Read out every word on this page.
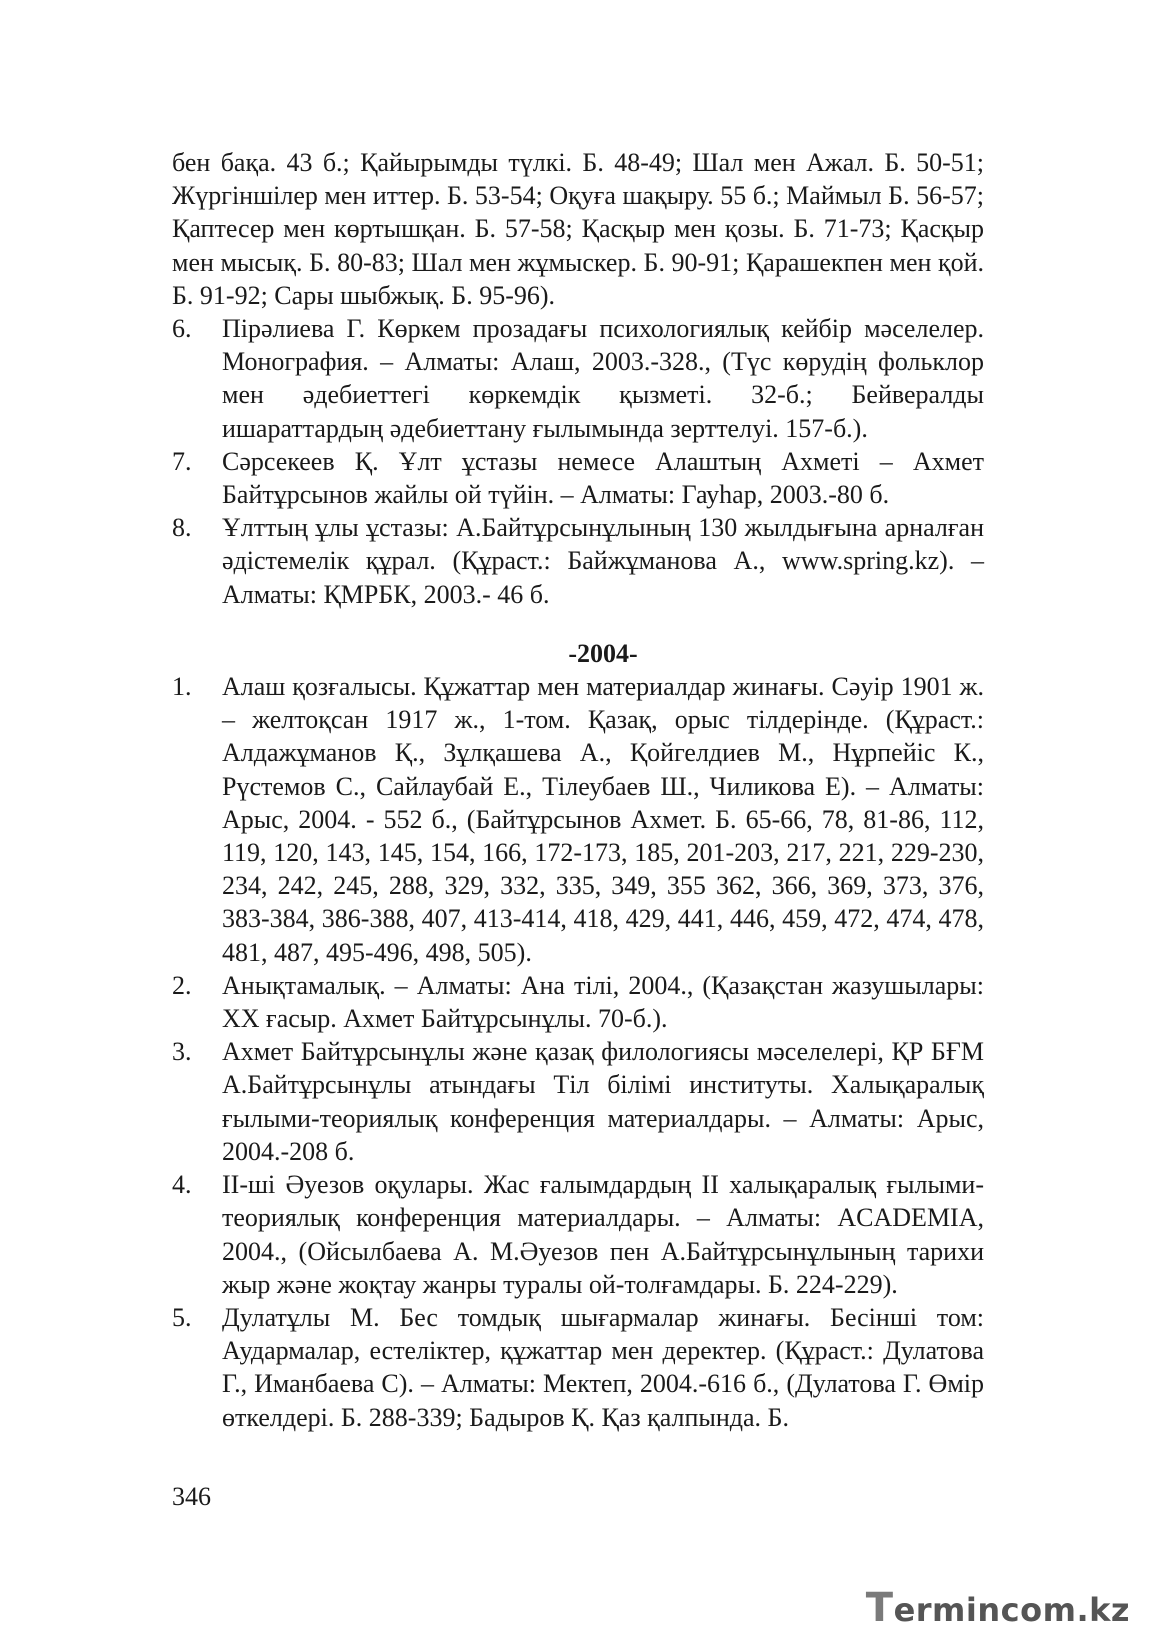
бен бақа. 43 б.; Қайырымды түлкі. Б. 48-49; Шал мен Ажал. Б. 50-51; Жүргіншілер мен иттер. Б. 53-54; Оқуға шақыру. 55 б.; Маймыл Б. 56-57; Қаптесер мен көртышқан. Б. 57-58; Қасқыр мен қозы. Б. 71-73; Қасқыр мен мысық. Б. 80-83; Шал мен жұмыскер. Б. 90-91; Қарашекпен мен қой. Б. 91-92; Сары шыбжық. Б. 95-96).

6. Пірәлиева Г. Көркем прозадағы психологиялық кейбір мәселелер. Монография. – Алматы: Алаш, 2003.-328., (Түс көрудің фольклор мен әдебиеттегі көркемдік қызметі. 32-б.; Бейвералды ишараттардың әдебиеттану ғылымында зерттелуі. 157-б.).
7. Сәрсекеев Қ. Ұлт ұстазы немесе Алаштың Ахметі – Ахмет Байтұрсынов жайлы ой түйін. – Алматы: Гауһар, 2003.-80 б.
8. Ұлттың ұлы ұстазы: А.Байтұрсынұлының 130 жылдығына арналған әдістемелік құрал. (Құраст.: Байжұманова А., www.spring.kz). – Алматы: ҚМРБК, 2003.- 46 б.
-2004-
1. Алаш қозғалысы. Құжаттар мен материалдар жинағы. Сәуір 1901 ж. – желтоқсан 1917 ж., 1-том. Қазақ, орыс тілдерінде. (Құраст.: Алдажұманов Қ., Зұлқашева А., Қойгелдиев М., Нұрпейіс К., Рүстемов С., Сайлаубай Е., Тілеубаев Ш., Чиликова Е). – Алматы: Арыс, 2004. - 552 б., (Байтұрсынов Ахмет. Б. 65-66, 78, 81-86, 112, 119, 120, 143, 145, 154, 166, 172-173, 185, 201-203, 217, 221, 229-230, 234, 242, 245, 288, 329, 332, 335, 349, 355 362, 366, 369, 373, 376, 383-384, 386-388, 407, 413-414, 418, 429, 441, 446, 459, 472, 474, 478, 481, 487, 495-496, 498, 505).
2. Анықтамалық. – Алматы: Ана тілі, 2004., (Қазақстан жазушылары: ХХ ғасыр. Ахмет Байтұрсынұлы. 70-б.).
3. Ахмет Байтұрсынұлы және қазақ филологиясы мәселелері, ҚР БҒМ А.Байтұрсынұлы атындағы Тіл білімі институты. Халықаралық ғылыми-теориялық конференция материалдары. – Алматы: Арыс, 2004.-208 б.
4. ІІ-ші Әуезов оқулары. Жас ғалымдардың ІІ халықаралық ғылыми-теориялық конференция материалдары. – Алматы: ACADEMIA, 2004., (Ойсылбаева А. М.Әуезов пен А.Байтұрсынұлының тарихи жыр және жоқтау жанры туралы ой-толғамдары. Б. 224-229).
5. Дулатұлы М. Бес томдық шығармалар жинағы. Бесінші том: Аудармалар, естеліктер, құжаттар мен деректер. (Құраст.: Дулатова Г., Иманбаева С). – Алматы: Мектеп, 2004.-616 б., (Дулатова Г. Өмір өткелдері. Б. 288-339; Бадыров Қ. Қаз қалпында. Б.
346
Termincom.kz
